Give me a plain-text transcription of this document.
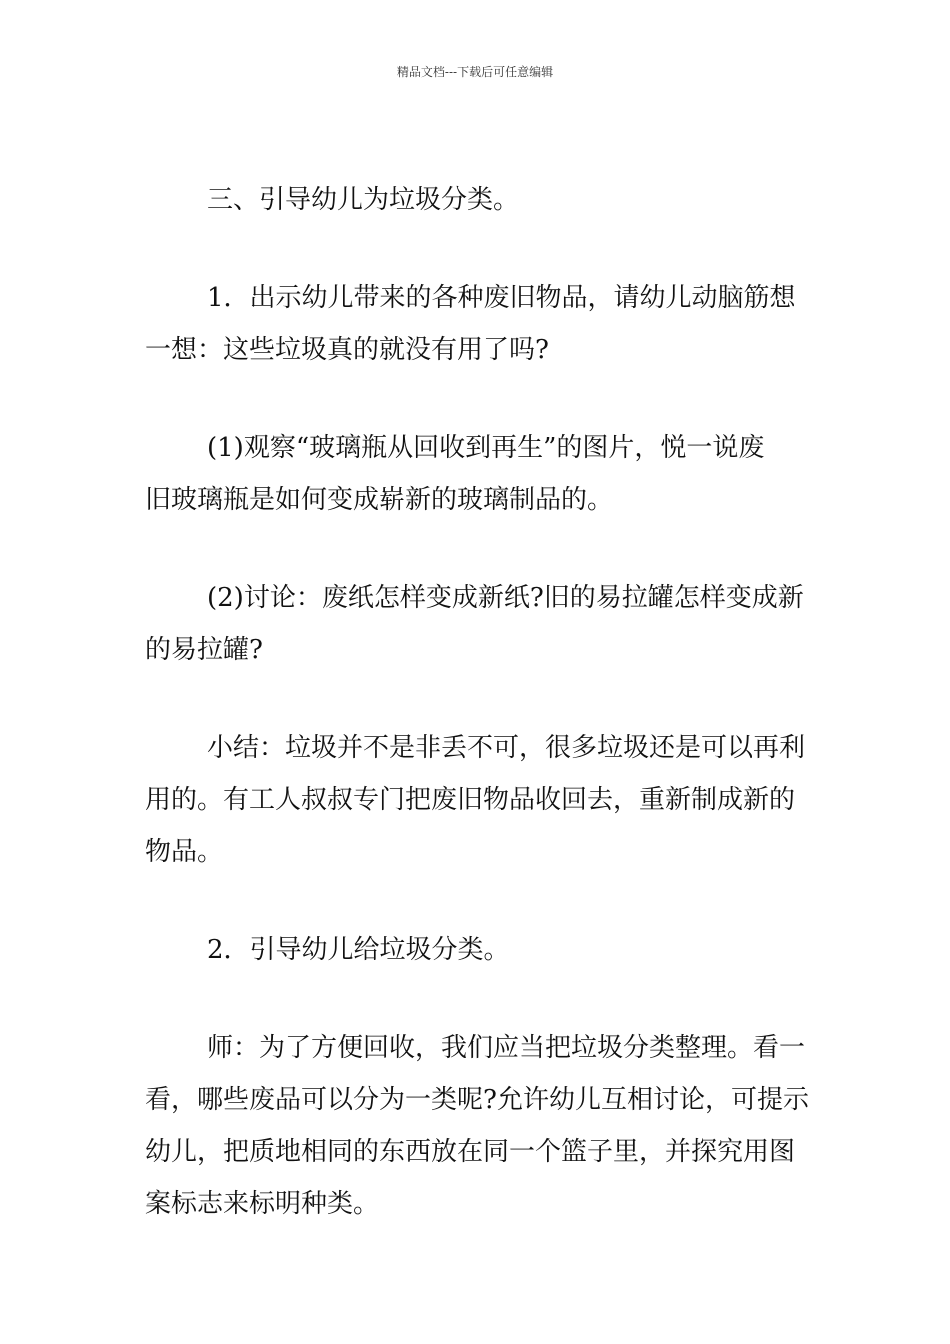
精品文档---下载后可任意编辑
三、引导幼儿为垃圾分类。
1．出示幼儿带来的各种废旧物品，请幼儿动脑筋想
一想：这些垃圾真的就没有用了吗?
(1)观察“玻璃瓶从回收到再生”的图片，悦一说废
旧玻璃瓶是如何变成崭新的玻璃制品的。
(2)讨论：废纸怎样变成新纸?旧的易拉罐怎样变成新
的易拉罐?
小结：垃圾并不是非丢不可，很多垃圾还是可以再利
用的。有工人叔叔专门把废旧物品收回去，重新制成新的
物品。
2．引导幼儿给垃圾分类。
师：为了方便回收，我们应当把垃圾分类整理。看一
看，哪些废品可以分为一类呢?允许幼儿互相讨论，可提示
幼儿，把质地相同的东西放在同一个篮子里，并探究用图
案标志来标明种类。
